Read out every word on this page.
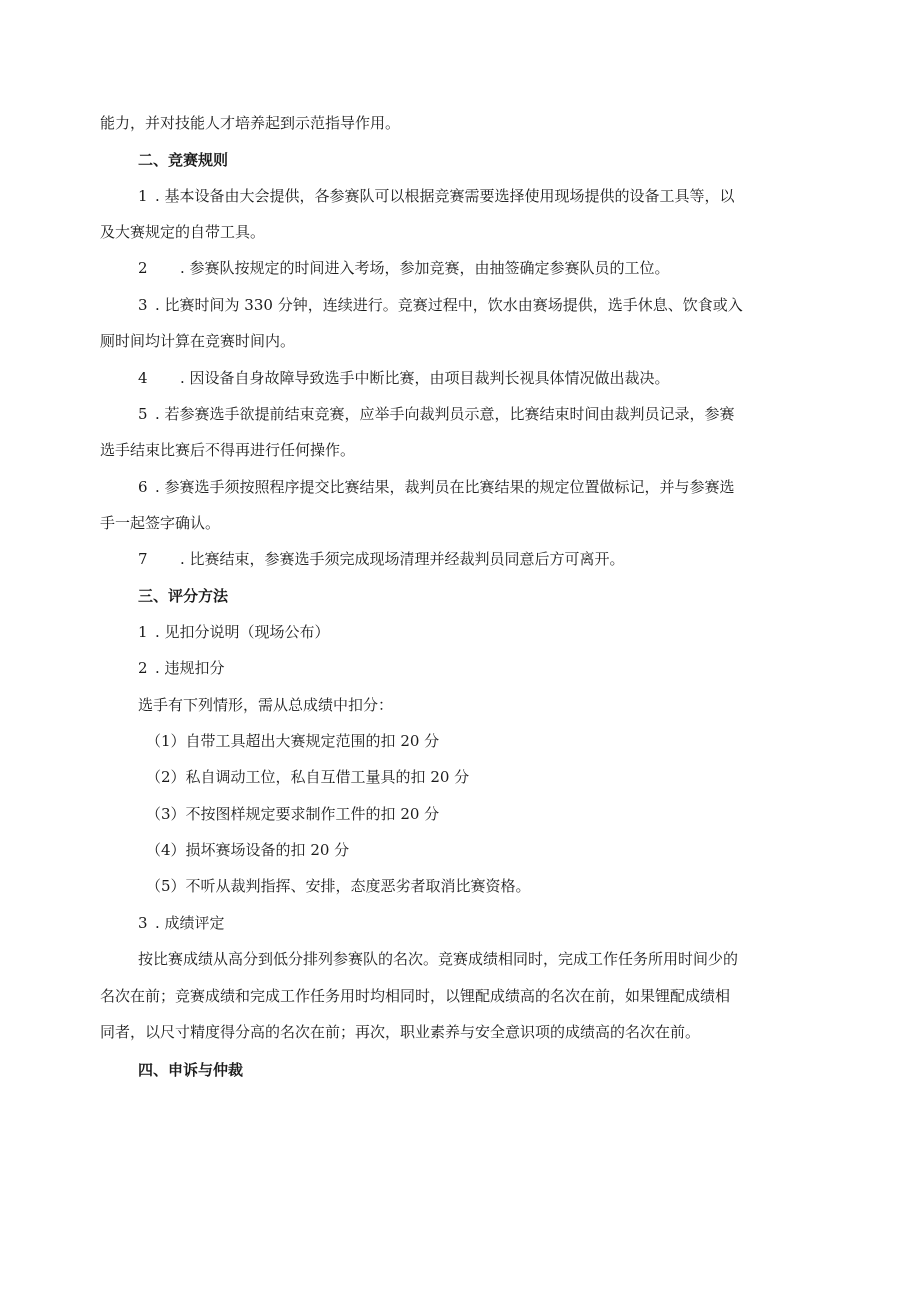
能力，并对技能人才培养起到示范指导作用。
二、竞赛规则
1 . 基本设备由大会提供，各参赛队可以根据竞赛需要选择使用现场提供的设备工具等，以
及大赛规定的自带工具。
2 . 参赛队按规定的时间进入考场，参加竞赛，由抽签确定参赛队员的工位。
3 . 比赛时间为 330 分钟，连续进行。竞赛过程中，饮水由赛场提供，选手休息、饮食或入
厕时间均计算在竞赛时间内。
4 . 因设备自身故障导致选手中断比赛，由项目裁判长视具体情况做出裁决。
5 . 若参赛选手欲提前结束竞赛，应举手向裁判员示意，比赛结束时间由裁判员记录，参赛
选手结束比赛后不得再进行任何操作。
6 . 参赛选手须按照程序提交比赛结果，裁判员在比赛结果的规定位置做标记，并与参赛选
手一起签字确认。
7 . 比赛结束，参赛选手须完成现场清理并经裁判员同意后方可离开。
三、评分方法
1 . 见扣分说明（现场公布）
2 . 违规扣分
选手有下列情形，需从总成绩中扣分：
（1）自带工具超出大赛规定范围的扣 20 分
（2）私自调动工位，私自互借工量具的扣 20 分
（3）不按图样规定要求制作工件的扣 20 分
（4）损坏赛场设备的扣 20 分
（5）不听从裁判指挥、安排，态度恶劣者取消比赛资格。
3 . 成绩评定
按比赛成绩从高分到低分排列参赛队的名次。竞赛成绩相同时，完成工作任务所用时间少的
名次在前；竞赛成绩和完成工作任务用时均相同时，以锂配成绩高的名次在前，如果锂配成绩相
同者，以尺寸精度得分高的名次在前；再次，职业素养与安全意识项的成绩高的名次在前。
四、申诉与仲裁
